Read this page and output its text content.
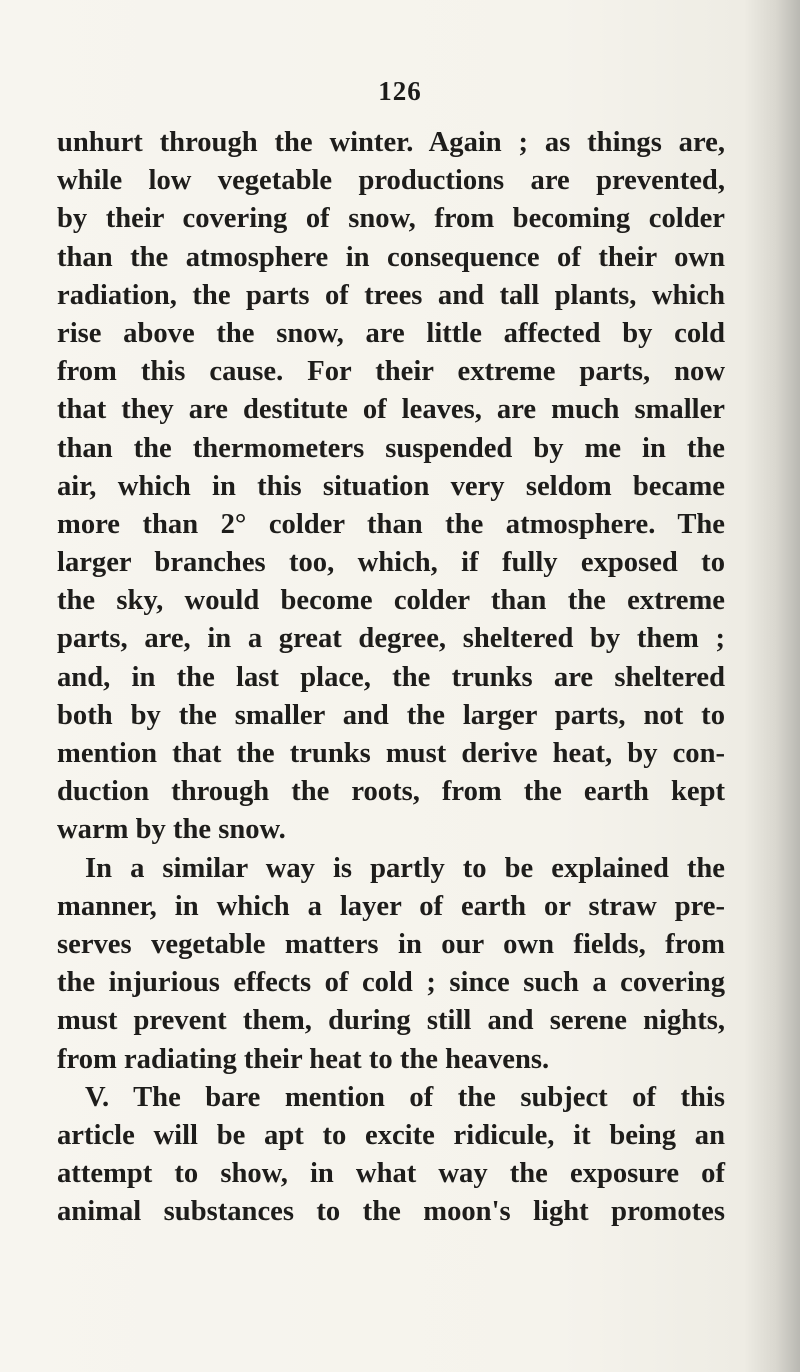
126
unhurt through the winter. Again ; as things are,
while low vegetable productions are prevented,
by their covering of snow, from becoming colder
than the atmosphere in consequence of their own
radiation, the parts of trees and tall plants, which
rise above the snow, are little affected by cold
from this cause. For their extreme parts, now
that they are destitute of leaves, are much smaller
than the thermometers suspended by me in the
air, which in this situation very seldom became
more than 2° colder than the atmosphere. The
larger branches too, which, if fully exposed to
the sky, would become colder than the extreme
parts, are, in a great degree, sheltered by them ;
and, in the last place, the trunks are sheltered
both by the smaller and the larger parts, not to
mention that the trunks must derive heat, by con-
duction through the roots, from the earth kept
warm by the snow.
In a similar way is partly to be explained the
manner, in which a layer of earth or straw pre-
serves vegetable matters in our own fields, from
the injurious effects of cold ; since such a covering
must prevent them, during still and serene nights,
from radiating their heat to the heavens.
V. The bare mention of the subject of this
article will be apt to excite ridicule, it being an
attempt to show, in what way the exposure of
animal substances to the moon's light promotes
